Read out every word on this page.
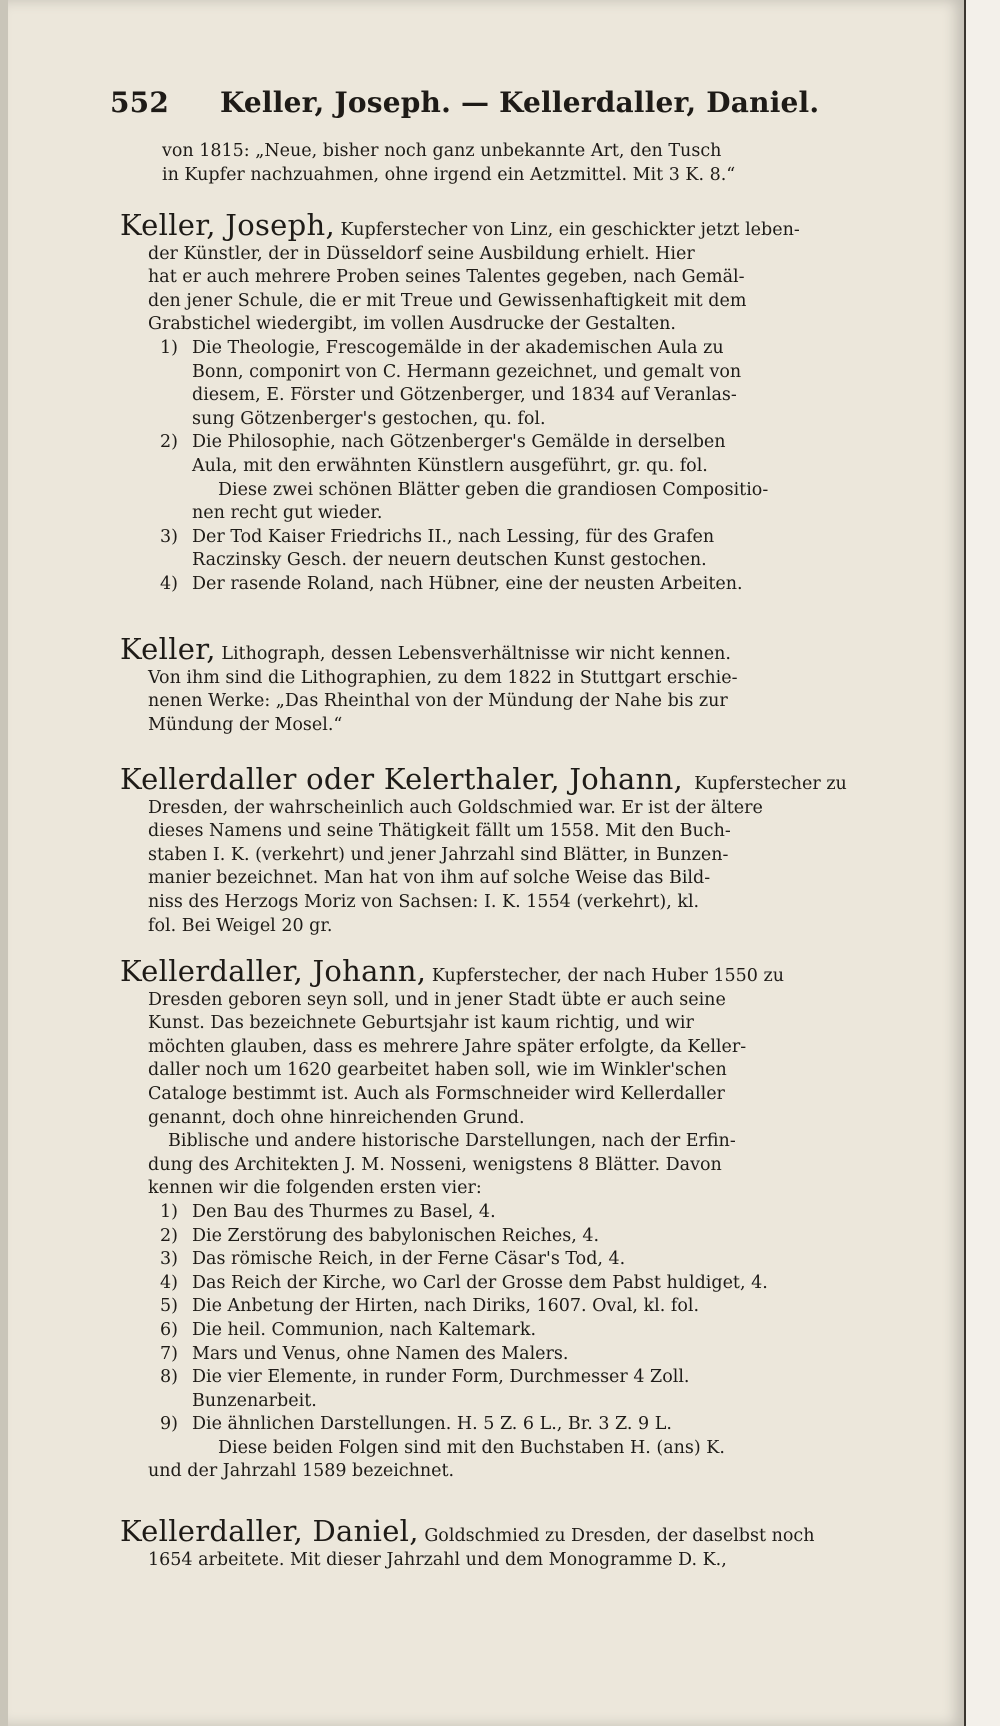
552 Keller, Joseph. — Kellerdaller, Daniel.
von 1815: „Neue, bisher noch ganz unbekannte Art, den Tusch
in Kupfer nachzuahmen, ohne irgend ein Aetzmittel. Mit 3 K. 8.“
Keller, Joseph, Kupferstecher von Linz, ein geschickter jetzt leben-
der Künstler, der in Düsseldorf seine Ausbildung erhielt. Hier
hat er auch mehrere Proben seines Talentes gegeben, nach Gemäl-
den jener Schule, die er mit Treue und Gewissenhaftigkeit mit dem
Grabstichel wiedergibt, im vollen Ausdrucke der Gestalten.
1) Die Theologie, Frescogemälde in der akademischen Aula zu
Bonn, componirt von C. Hermann gezeichnet, und gemalt von
diesem, E. Förster und Götzenberger, und 1834 auf Veranlas-
sung Götzenberger's gestochen, qu. fol.
2) Die Philosophie, nach Götzenberger's Gemälde in derselben
Aula, mit den erwähnten Künstlern ausgeführt, gr. qu. fol.
Diese zwei schönen Blätter geben die grandiosen Compositio-
nen recht gut wieder.
3) Der Tod Kaiser Friedrichs II., nach Lessing, für des Grafen
Raczinsky Gesch. der neuern deutschen Kunst gestochen.
4) Der rasende Roland, nach Hübner, eine der neusten Arbeiten.
Keller, Lithograph, dessen Lebensverhältnisse wir nicht kennen.
Von ihm sind die Lithographien, zu dem 1822 in Stuttgart erschie-
nenen Werke: „Das Rheinthal von der Mündung der Nahe bis zur
Mündung der Mosel.“
Kellerdaller oder Kelerthaler, Johann, Kupferstecher zu
Dresden, der wahrscheinlich auch Goldschmied war. Er ist der ältere
dieses Namens und seine Thätigkeit fällt um 1558. Mit den Buch-
staben I. K. (verkehrt) und jener Jahrzahl sind Blätter, in Bunzen-
manier bezeichnet. Man hat von ihm auf solche Weise das Bild-
niss des Herzogs Moriz von Sachsen: I. K. 1554 (verkehrt), kl.
fol. Bei Weigel 20 gr.
Kellerdaller, Johann, Kupferstecher, der nach Huber 1550 zu
Dresden geboren seyn soll, und in jener Stadt übte er auch seine
Kunst. Das bezeichnete Geburtsjahr ist kaum richtig, und wir
möchten glauben, dass es mehrere Jahre später erfolgte, da Keller-
daller noch um 1620 gearbeitet haben soll, wie im Winkler'schen
Cataloge bestimmt ist. Auch als Formschneider wird Kellerdaller
genannt, doch ohne hinreichenden Grund.
Biblische und andere historische Darstellungen, nach der Erfin-
dung des Architekten J. M. Nosseni, wenigstens 8 Blätter. Davon
kennen wir die folgenden ersten vier:
1) Den Bau des Thurmes zu Basel, 4.
2) Die Zerstörung des babylonischen Reiches, 4.
3) Das römische Reich, in der Ferne Cäsar's Tod, 4.
4) Das Reich der Kirche, wo Carl der Grosse dem Pabst huldiget, 4.
5) Die Anbetung der Hirten, nach Diriks, 1607. Oval, kl. fol.
6) Die heil. Communion, nach Kaltemark.
7) Mars und Venus, ohne Namen des Malers.
8) Die vier Elemente, in runder Form, Durchmesser 4 Zoll.
Bunzenarbeit.
9) Die ähnlichen Darstellungen. H. 5 Z. 6 L., Br. 3 Z. 9 L.
Diese beiden Folgen sind mit den Buchstaben H. (ans) K.
und der Jahrzahl 1589 bezeichnet.
Kellerdaller, Daniel, Goldschmied zu Dresden, der daselbst noch
1654 arbeitete. Mit dieser Jahrzahl und dem Monogramme D. K.,
